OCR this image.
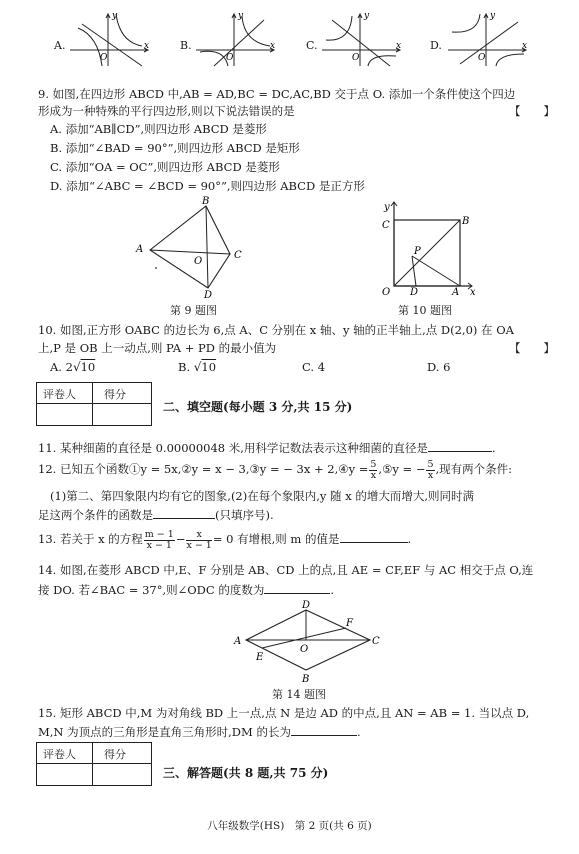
A.
y
x
O
B.
y
x
O
C.
y
x
O
D.
y
x
O
9. 如图,在四边形 ABCD 中,AB = AD,BC = DC,AC,BD 交于点 O. 添加一个条件使这个四边
形成为一种特殊的平行四边形,则以下说法错误的是	【　　】
A. 添加“AB∥CD”,则四边形 ABCD 是菱形
B. 添加“∠BAD = 90°”,则四边形 ABCD 是矩形
C. 添加“OA = OC”,则四边形 ABCD 是菱形
D. 添加“∠ABC = ∠BCD = 90°”,则四边形 ABCD 是正方形
B
A
C
O
D
第 9 题图
y
C	B
P
O D	A x
第 10 题图
10. 如图,正方形 OABC 的边长为 6,点 A、C 分别在 x 轴、y 轴的正半轴上,点 D(2,0) 在 OA
上,P 是 OB 上一动点,则 PA + PD 的最小值为	【　　】
A. 2√10	B. √10	C. 4	D. 6
评卷人	得分
二、填空题(每小题 3 分,共 15 分)
11. 某种细菌的直径是 0.00000048 米,用科学记数法表示这种细菌的直径是	.
12. 已知五个函数①y = 5x,②y = x − 3,③y = − 3x + 2,④y = $\frac{5}{x}$ ,⑤y = − $\frac{5}{x}$ ,现有两个条件:
(1)第二、第四象限内均有它的图象,(2)在每个象限内,y 随 x 的增大而增大,则同时满
足这两个条件的函数是	(只填序号).
13. 若关于 x 的方程 $\frac{m - 1}{x - 1} - \frac{x}{x - 1} = 0$ 有增根,则 m 的值是	.
14. 如图,在菱形 ABCD 中,E、F 分别是 AB、CD 上的点,且 AE = CF,EF 与 AC 相交于点 O,连
接 DO. 若∠BAC = 37°,则∠ODC 的度数为	.
D
F
A	C
E
O
B
第 14 题图
15. 矩形 ABCD 中,M 为对角线 BD 上一点,点 N 是边 AD 的中点,且 AN = AB = 1. 当以点 D,
M,N 为顶点的三角形是直角三角形时,DM 的长为	.
评卷人	得分
三、解答题(共 8 题,共 75 分)
八年级数学(HS)　第 2 页(共 6 页)
